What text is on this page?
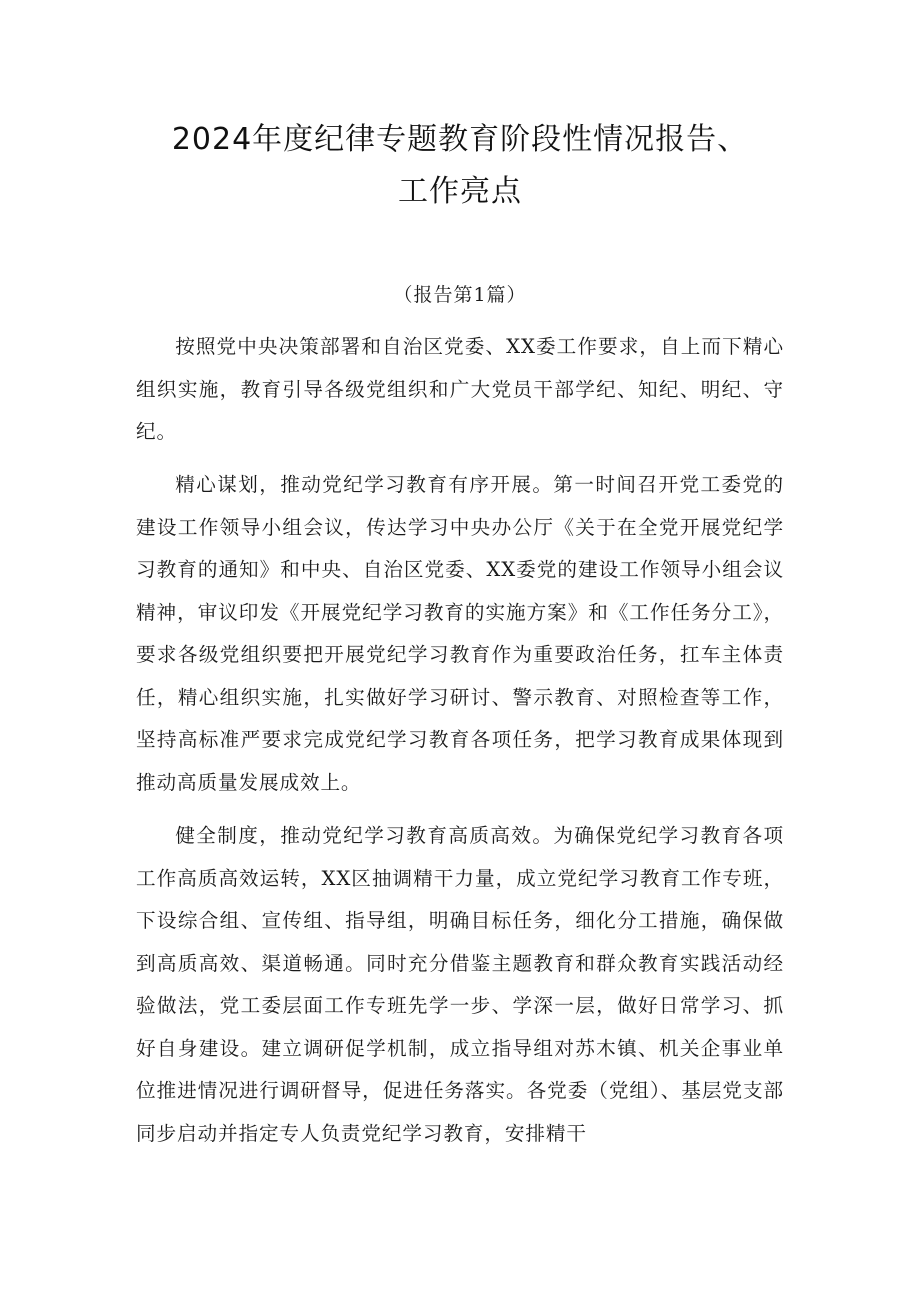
2024年度纪律专题教育阶段性情况报告、
工作亮点
（报告第1篇）

按照党中央决策部署和自治区党委、XX委工作要求，自上而下精心组织实施，教育引导各级党组织和广大党员干部学纪、知纪、明纪、守纪。

精心谋划，推动党纪学习教育有序开展。第一时间召开党工委党的建设工作领导小组会议，传达学习中央办公厅《关于在全党开展党纪学习教育的通知》和中央、自治区党委、XX委党的建设工作领导小组会议精神，审议印发《开展党纪学习教育的实施方案》和《工作任务分工》，要求各级党组织要把开展党纪学习教育作为重要政治任务，扛车主体责任，精心组织实施，扎实做好学习研讨、警示教育、对照检查等工作，坚持高标准严要求完成党纪学习教育各项任务，把学习教育成果体现到推动高质量发展成效上。

健全制度，推动党纪学习教育高质高效。为确保党纪学习教育各项工作高质高效运转，XX区抽调精干力量，成立党纪学习教育工作专班，下设综合组、宣传组、指导组，明确目标任务，细化分工措施，确保做到高质高效、渠道畅通。同时充分借鉴主题教育和群众教育实践活动经验做法，党工委层面工作专班先学一步、学深一层，做好日常学习、抓好自身建设。建立调研促学机制，成立指导组对苏木镇、机关企事业单位推进情况进行调研督导，促进任务落实。各党委（党组）、基层党支部同步启动并指定专人负责党纪学习教育，安排精干
